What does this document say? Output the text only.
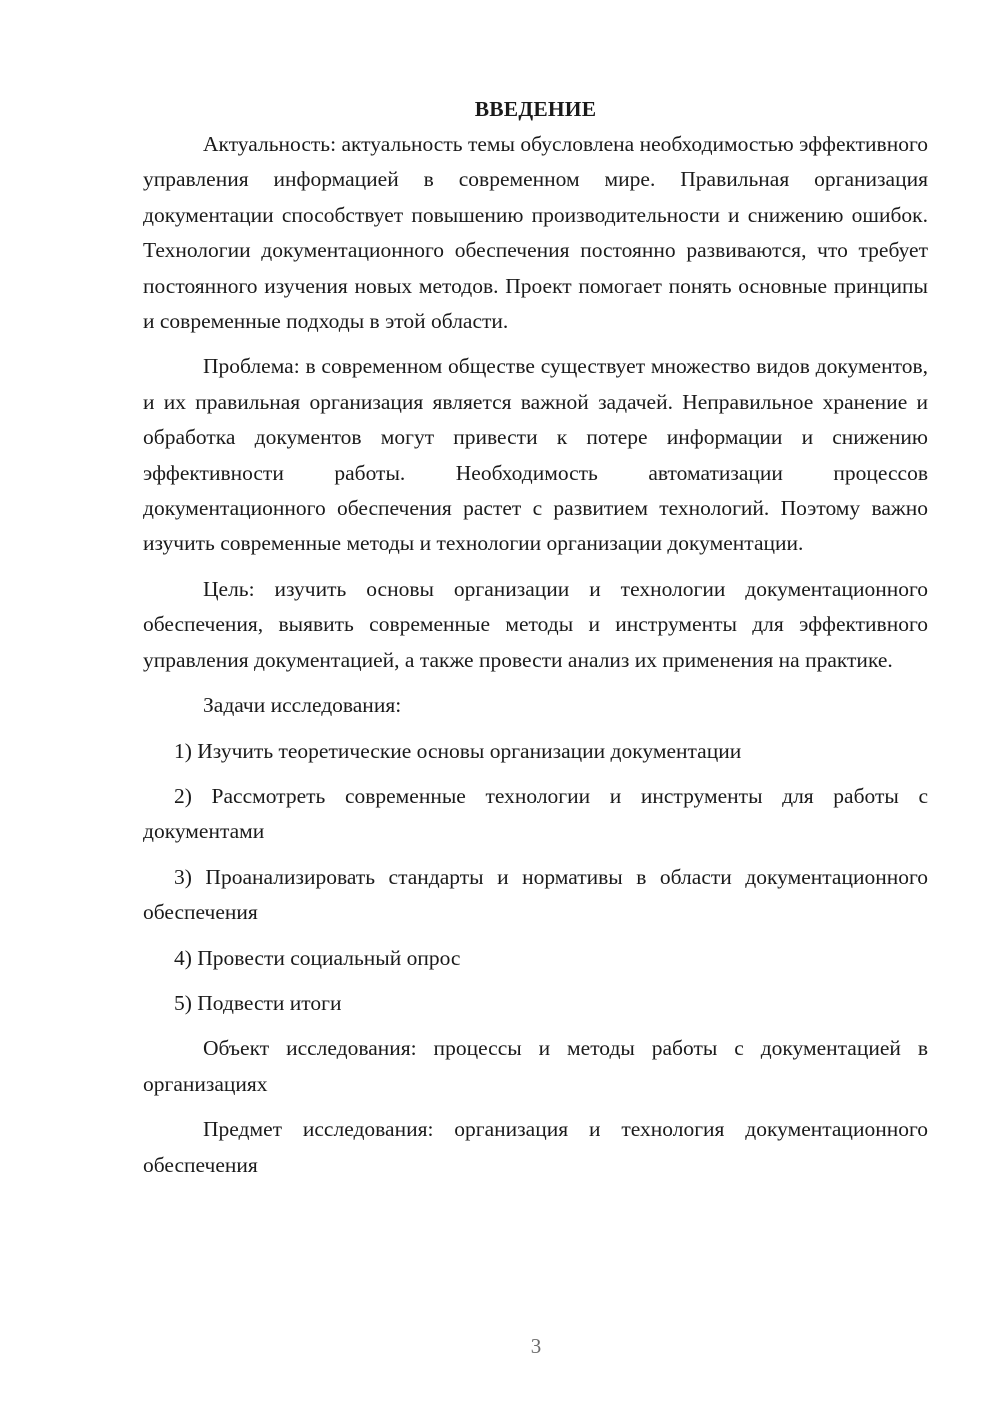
ВВЕДЕНИЕ

Актуальность: актуальность темы обусловлена необходимостью эффективного управления информацией в современном мире. Правильная организация документации способствует повышению производительности и снижению ошибок. Технологии документационного обеспечения постоянно развиваются, что требует постоянного изучения новых методов. Проект помогает понять основные принципы и современные подходы в этой области.

Проблема: в современном обществе существует множество видов документов, и их правильная организация является важной задачей. Неправильное хранение и обработка документов могут привести к потере информации и снижению эффективности работы. Необходимость автоматизации процессов документационного обеспечения растет с развитием технологий. Поэтому важно изучить современные методы и технологии организации документации.

Цель: изучить основы организации и технологии документационного обеспечения, выявить современные методы и инструменты для эффективного управления документацией, а также провести анализ их применения на практике.

Задачи исследования:

1) Изучить теоретические основы организации документации

2) Рассмотреть современные технологии и инструменты для работы с документами

3) Проанализировать стандарты и нормативы в области документационного обеспечения

4) Провести социальный опрос

5) Подвести итоги

Объект исследования: процессы и методы работы с документацией в организациях

Предмет исследования: организация и технология документационного обеспечения

3
